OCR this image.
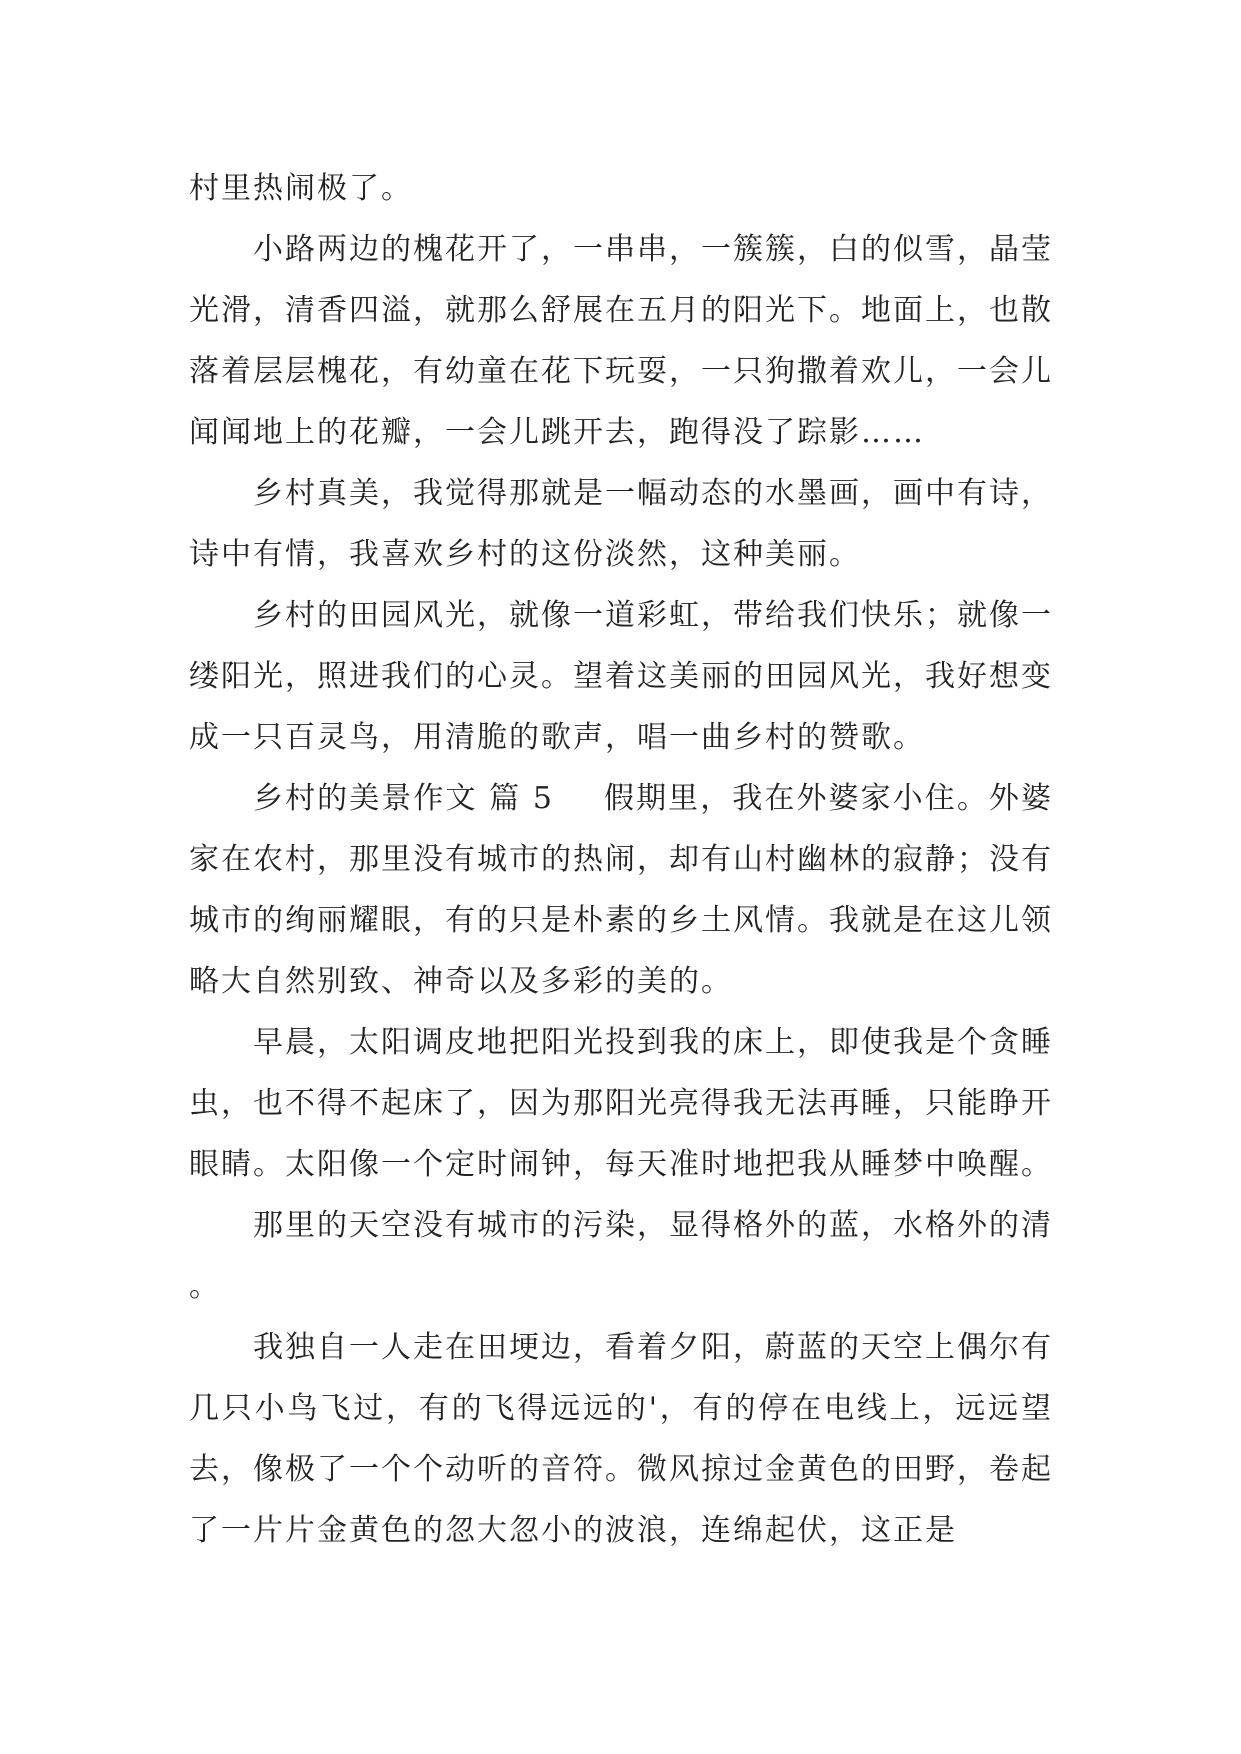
村里热闹极了。

小路两边的槐花开了，一串串，一簇簇，白的似雪，晶莹光滑，清香四溢，就那么舒展在五月的阳光下。地面上，也散落着层层槐花，有幼童在花下玩耍，一只狗撒着欢儿，一会儿闻闻地上的花瓣，一会儿跳开去，跑得没了踪影……

乡村真美，我觉得那就是一幅动态的水墨画，画中有诗，诗中有情，我喜欢乡村的这份淡然，这种美丽。

乡村的田园风光，就像一道彩虹，带给我们快乐；就像一缕阳光，照进我们的心灵。望着这美丽的田园风光，我好想变成一只百灵鸟，用清脆的歌声，唱一曲乡村的赞歌。

乡村的美景作文 篇 5 假期里，我在外婆家小住。外婆家在农村，那里没有城市的热闹，却有山村幽林的寂静；没有城市的绚丽耀眼，有的只是朴素的乡土风情。我就是在这儿领略大自然别致、神奇以及多彩的美的。

早晨，太阳调皮地把阳光投到我的床上，即使我是个贪睡虫，也不得不起床了，因为那阳光亮得我无法再睡，只能睁开眼睛。太阳像一个定时闹钟，每天准时地把我从睡梦中唤醒。

那里的天空没有城市的污染，显得格外的蓝，水格外的清。

我独自一人走在田埂边，看着夕阳，蔚蓝的天空上偶尔有几只小鸟飞过，有的飞得远远的'，有的停在电线上，远远望去，像极了一个个动听的音符。微风掠过金黄色的田野，卷起了一片片金黄色的忽大忽小的波浪，连绵起伏，这正是
